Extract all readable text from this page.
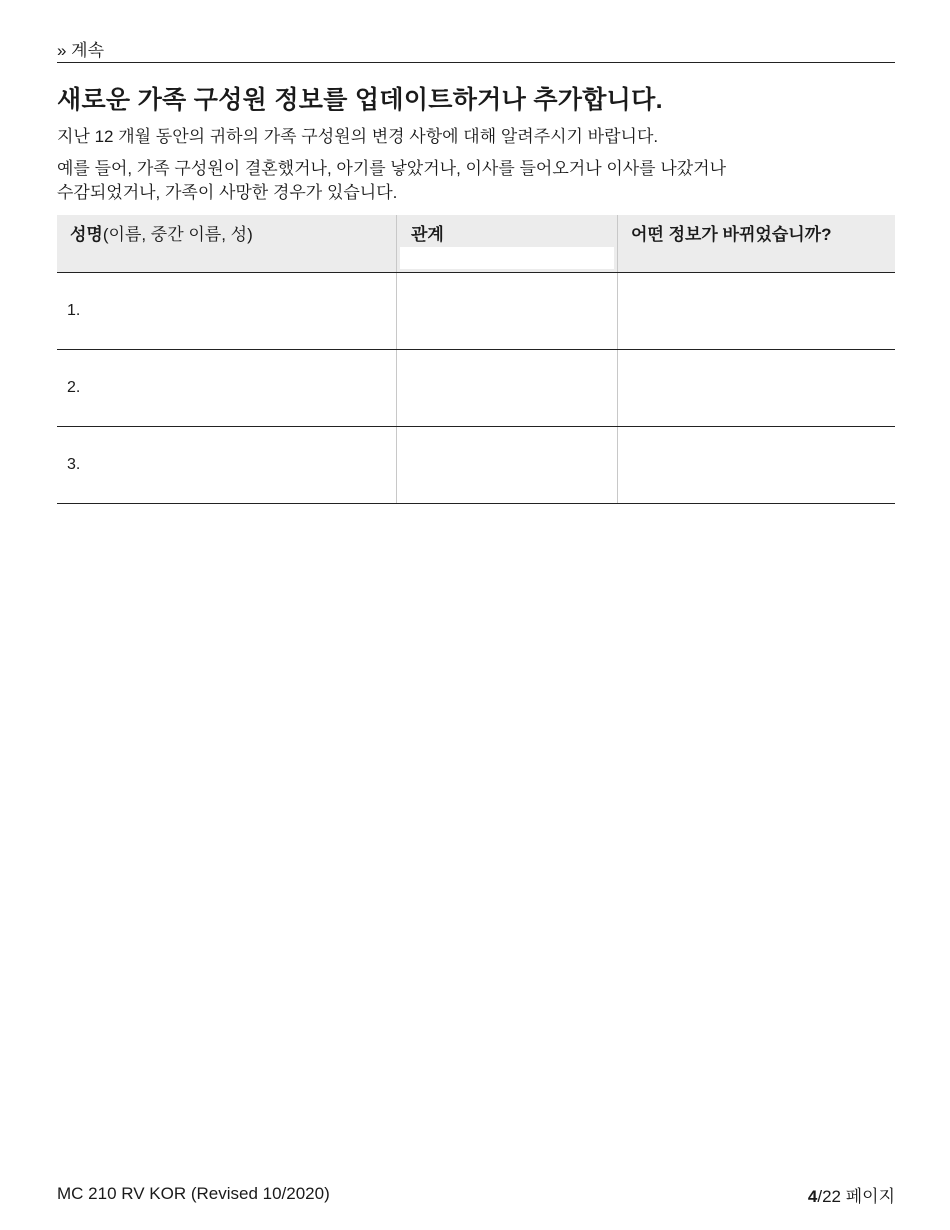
» 계속
새로운 가족 구성원 정보를 업데이트하거나 추가합니다.

지난 12 개월 동안의 귀하의 가족 구성원의 변경 사항에 대해 알려주시기 바랍니다.

예를 들어, 가족 구성원이 결혼했거나, 아기를 낳았거나, 이사를 들어오거나 이사를 나갔거나
수감되었거나, 가족이 사망한 경우가 있습니다.

성명(이름, 중간 이름, 성)	관계	어떤 정보가 바뀌었습니까?
1.
2.
3.
MC 210 RV KOR (Revised 10/2020)	4/22 페이지
